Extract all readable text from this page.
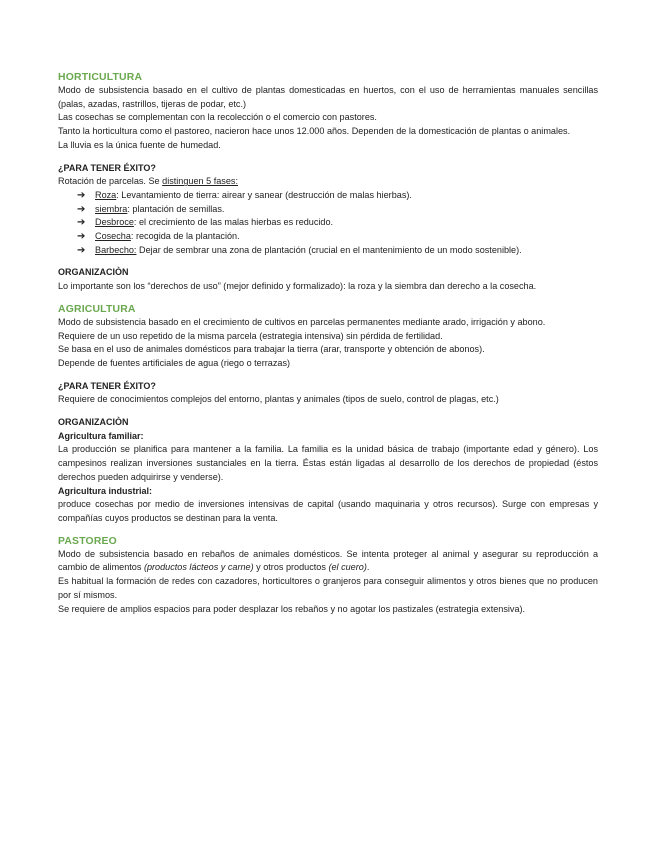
HORTICULTURA

Modo de subsistencia basado en el cultivo de plantas domesticadas en huertos, con el uso de herramientas manuales sencillas (palas, azadas, rastrillos, tijeras de podar, etc.)

Las cosechas se complementan con la recolección o el comercio con pastores.

Tanto la horticultura como el pastoreo, nacieron hace unos 12.000 años. Dependen de la domesticación de plantas o animales.

La lluvia es la única fuente de humedad.

¿PARA TENER ÉXITO?

Rotación de parcelas. Se distinguen 5 fases:

➔ Roza: Levantamiento de tierra: airear y sanear (destrucción de malas hierbas).
➔ siembra: plantación de semillas.
➔ Desbroce: el crecimiento de las malas hierbas es reducido.
➔ Cosecha: recogida de la plantación.
➔ Barbecho: Dejar de sembrar una zona de plantación (crucial en el mantenimiento de un modo sostenible).
ORGANIZACIÒN

Lo importante son los “derechos de uso” (mejor definido y formalizado): la roza y la siembra dan derecho a la cosecha.

AGRICULTURA

Modo de subsistencia basado en el crecimiento de cultivos en parcelas permanentes mediante arado, irrigación y abono.

Requiere de un uso repetido de la misma parcela (estrategia intensiva) sin pérdida de fertilidad.

Se basa en el uso de animales domésticos para trabajar la tierra (arar, transporte y obtención de abonos).

Depende de fuentes artificiales de agua (riego o terrazas)

¿PARA TENER ÉXITO?

Requiere de conocimientos complejos del entorno, plantas y animales (tipos de suelo, control de plagas, etc.)

ORGANIZACIÒN
Agricultura familiar:

La producción se planifica para mantener a la familia. La familia es la unidad básica de trabajo (importante edad y género). Los campesinos realizan inversiones sustanciales en la tierra. Éstas están ligadas al desarrollo de los derechos de propiedad (éstos derechos pueden adquirirse y venderse).

Agricultura industrial:

produce cosechas por medio de inversiones intensivas de capital (usando maquinaria y otros recursos). Surge con empresas y compañías cuyos productos se destinan para la venta.

PASTOREO

Modo de subsistencia basado en rebaños de animales domésticos. Se intenta proteger al animal y asegurar su reproducción a cambio de alimentos (productos lácteos y carne) y otros productos (el cuero).

Es habitual la formación de redes con cazadores, horticultores o granjeros para conseguir alimentos y otros bienes que no producen por sí mismos.

Se requiere de amplios espacios para poder desplazar los rebaños y no agotar los pastizales (estrategia extensiva).
